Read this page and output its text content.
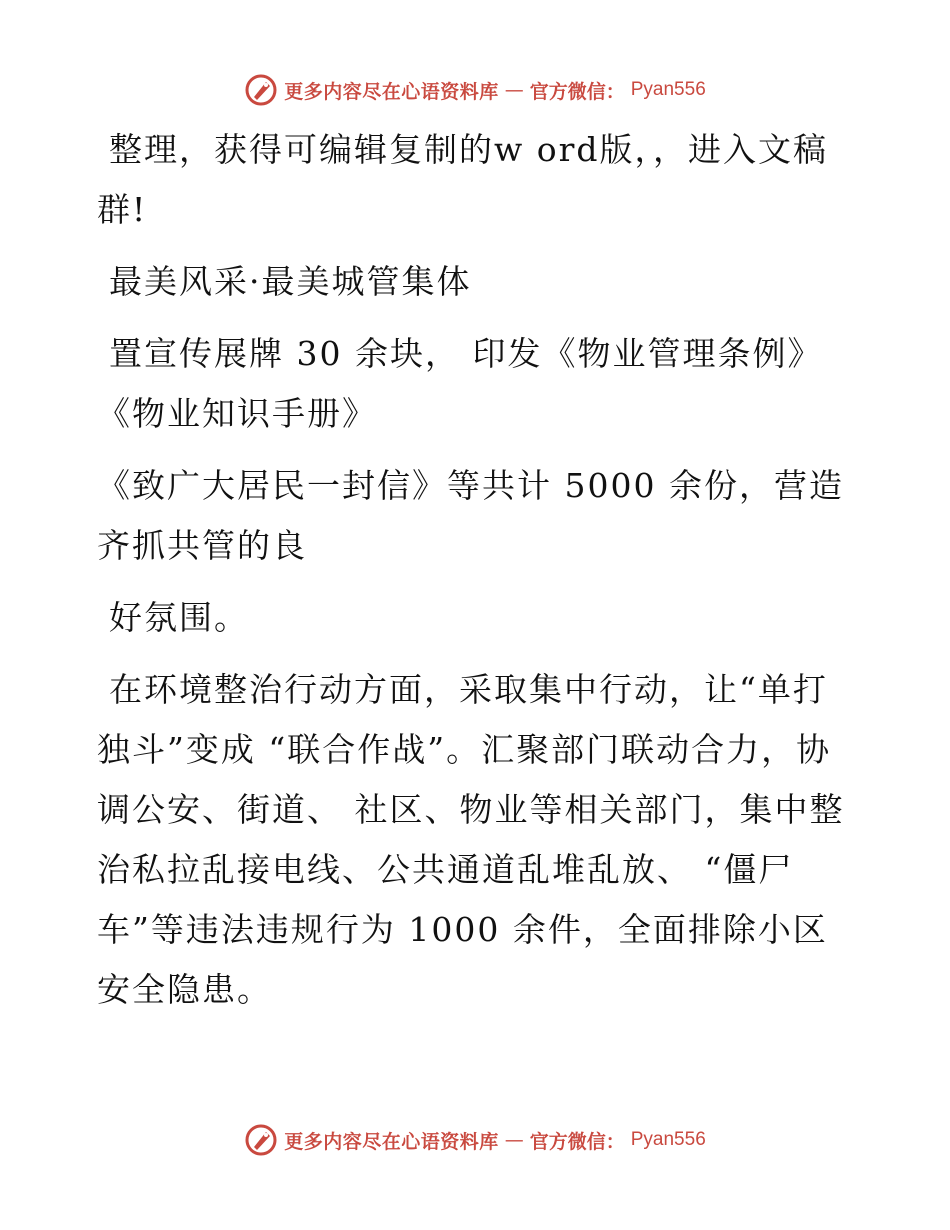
更多内容尽在心语资料库 — 官方微信： Pyan556

整理，获得可编辑复制的w ord版，，进入文稿群!

最美风采·最美城管集体

置宣传展牌 30 余块， 印发《物业管理条例》《物业知识手册》

《致广大居民一封信》等共计 5000 余份，营造齐抓共管的良

好氛围。

在环境整治行动方面，采取集中行动，让“单打独斗”变成 “联合作战”。汇聚部门联动合力，协调公安、街道、 社区、物业等相关部门，集中整治私拉乱接电线、公共通道乱堆乱放、 “僵尸车”等违法违规行为 1000 余件，全面排除小区安全隐患。

更多内容尽在心语资料库 — 官方微信： Pyan556
